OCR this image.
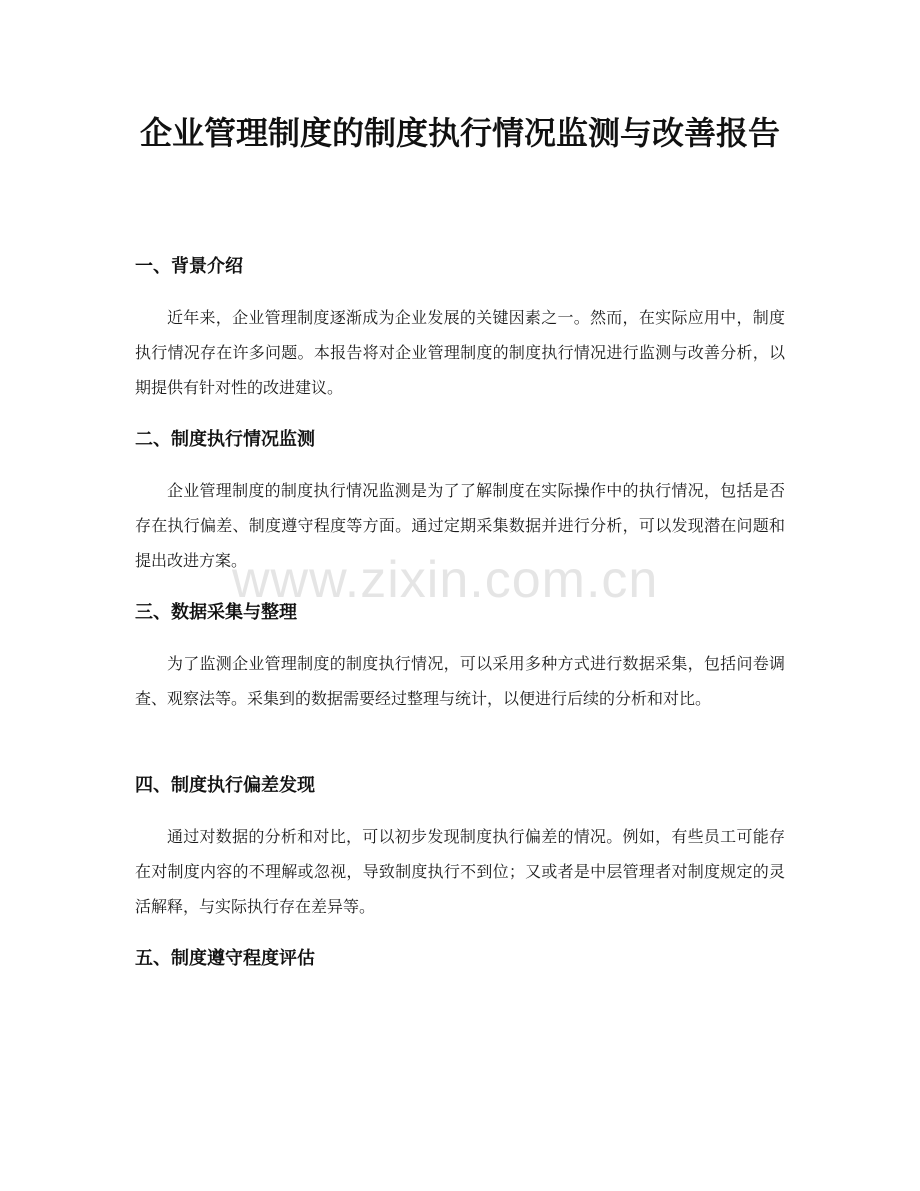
企业管理制度的制度执行情况监测与改善报告
一、背景介绍

近年来，企业管理制度逐渐成为企业发展的关键因素之一。然而，在实际应用中，制度执行情况存在许多问题。本报告将对企业管理制度的制度执行情况进行监测与改善分析，以期提供有针对性的改进建议。

二、制度执行情况监测

企业管理制度的制度执行情况监测是为了了解制度在实际操作中的执行情况，包括是否存在执行偏差、制度遵守程度等方面。通过定期采集数据并进行分析，可以发现潜在问题和提出改进方案。

三、数据采集与整理

为了监测企业管理制度的制度执行情况，可以采用多种方式进行数据采集，包括问卷调查、观察法等。采集到的数据需要经过整理与统计，以便进行后续的分析和对比。

四、制度执行偏差发现

通过对数据的分析和对比，可以初步发现制度执行偏差的情况。例如，有些员工可能存在对制度内容的不理解或忽视，导致制度执行不到位；又或者是中层管理者对制度规定的灵活解释，与实际执行存在差异等。

五、制度遵守程度评估
www.zixin.com.cn
